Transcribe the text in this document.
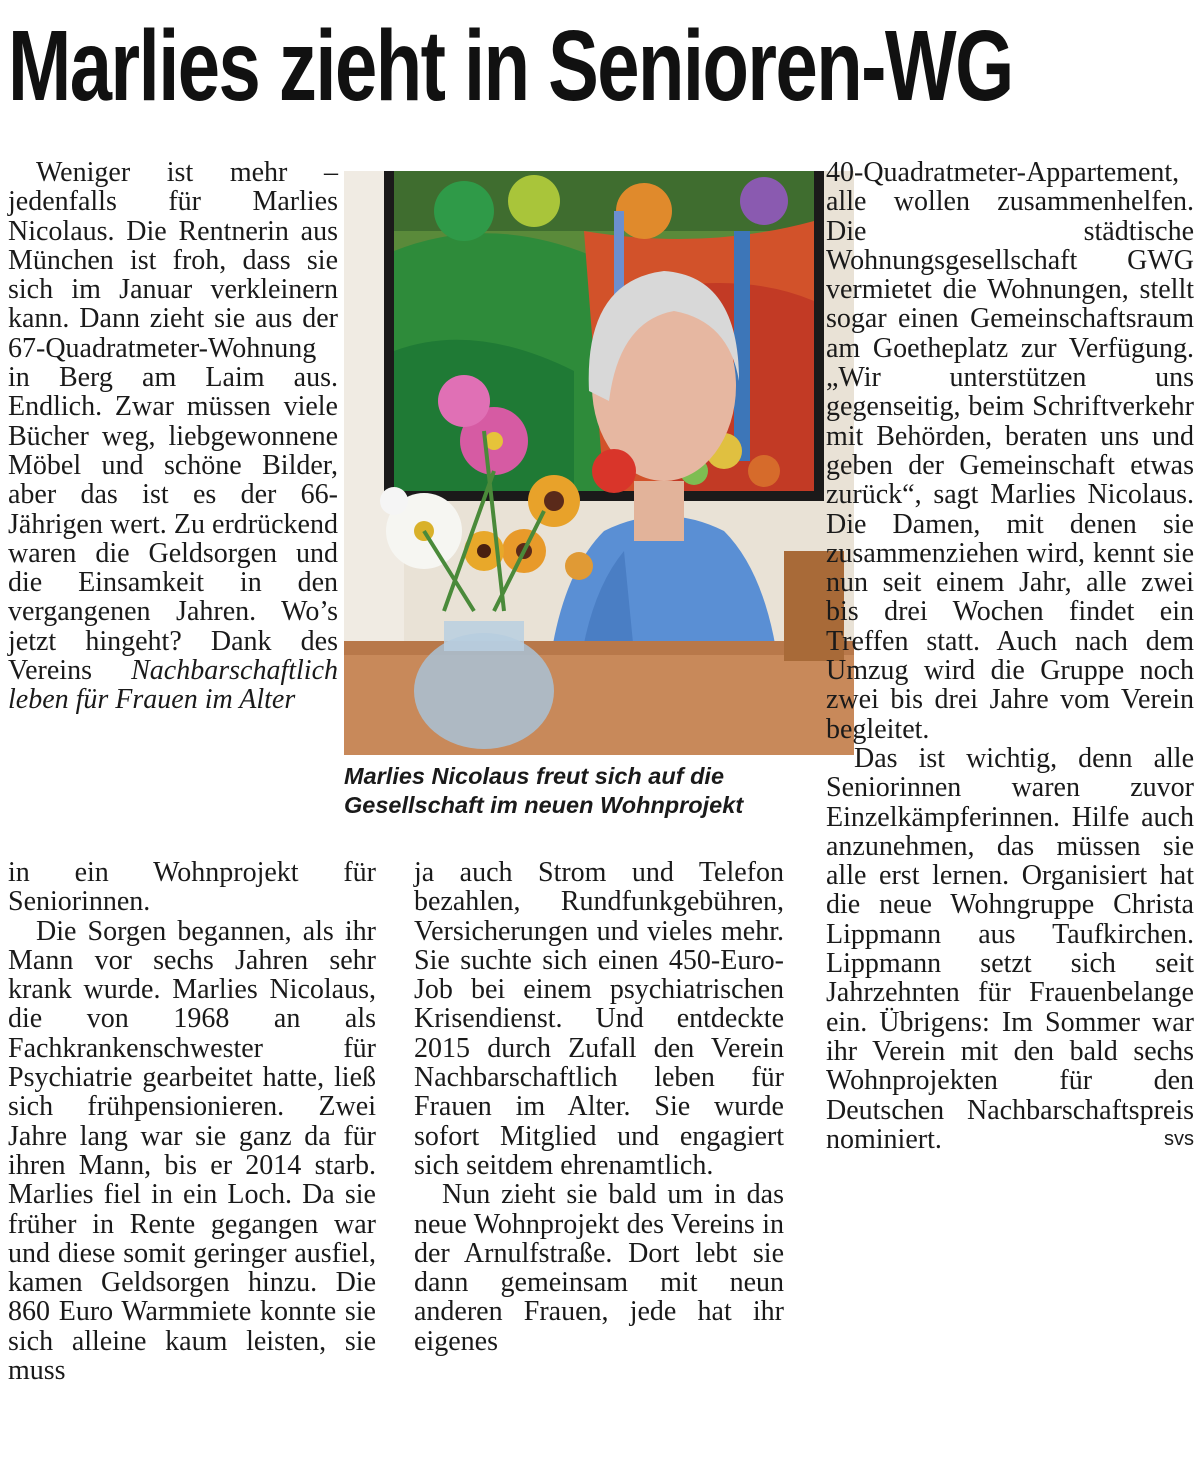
Marlies zieht in Senioren-WG

Weniger ist mehr – jedenfalls für Marlies Nicolaus. Die Rentnerin aus München ist froh, dass sie sich im Januar verkleinern kann. Dann zieht sie aus der 67-Quadratmeter-Wohnung in Berg am Laim aus. Endlich. Zwar müssen viele Bücher weg, liebgewonnene Möbel und schöne Bilder, aber das ist es der 66-Jährigen wert. Zu erdrückend waren die Geldsorgen und die Einsamkeit in den vergangenen Jahren. Wo’s jetzt hingeht? Dank des Vereins Nachbarschaftlich leben für Frauen im Alter

Marlies Nicolaus freut sich auf die Gesellschaft im neuen Wohnprojekt

in ein Wohnprojekt für Seniorinnen.

Die Sorgen begannen, als ihr Mann vor sechs Jahren sehr krank wurde. Marlies Nicolaus, die von 1968 an als Fachkrankenschwester für Psychiatrie gearbeitet hatte, ließ sich frühpensionieren. Zwei Jahre lang war sie ganz da für ihren Mann, bis er 2014 starb. Marlies fiel in ein Loch. Da sie früher in Rente gegangen war und diese somit geringer ausfiel, kamen Geldsorgen hinzu. Die 860 Euro Warmmiete konnte sie sich alleine kaum leisten, sie muss

ja auch Strom und Telefon bezahlen, Rundfunkgebühren, Versicherungen und vieles mehr. Sie suchte sich einen 450-Euro-Job bei einem psychiatrischen Krisendienst. Und entdeckte 2015 durch Zufall den Verein Nachbarschaftlich leben für Frauen im Alter. Sie wurde sofort Mitglied und engagiert sich seitdem ehrenamtlich.

Nun zieht sie bald um in das neue Wohnprojekt des Vereins in der Arnulfstraße. Dort lebt sie dann gemeinsam mit neun anderen Frauen, jede hat ihr eigenes

40-Quadratmeter-Appartement, alle wollen zusammenhelfen. Die städtische Wohnungsgesellschaft GWG vermietet die Wohnungen, stellt sogar einen Gemeinschaftsraum am Goetheplatz zur Verfügung. „Wir unterstützen uns gegenseitig, beim Schriftverkehr mit Behörden, beraten uns und geben der Gemeinschaft etwas zurück“, sagt Marlies Nicolaus. Die Damen, mit denen sie zusammenziehen wird, kennt sie nun seit einem Jahr, alle zwei bis drei Wochen findet ein Treffen statt. Auch nach dem Umzug wird die Gruppe noch zwei bis drei Jahre vom Verein begleitet.

Das ist wichtig, denn alle Seniorinnen waren zuvor Einzelkämpferinnen. Hilfe auch anzunehmen, das müssen sie alle erst lernen. Organisiert hat die neue Wohngruppe Christa Lippmann aus Taufkirchen. Lippmann setzt sich seit Jahrzehnten für Frauenbelange ein. Übrigens: Im Sommer war ihr Verein mit den bald sechs Wohnprojekten für den Deutschen Nachbarschaftspreis nominiert.	svs
